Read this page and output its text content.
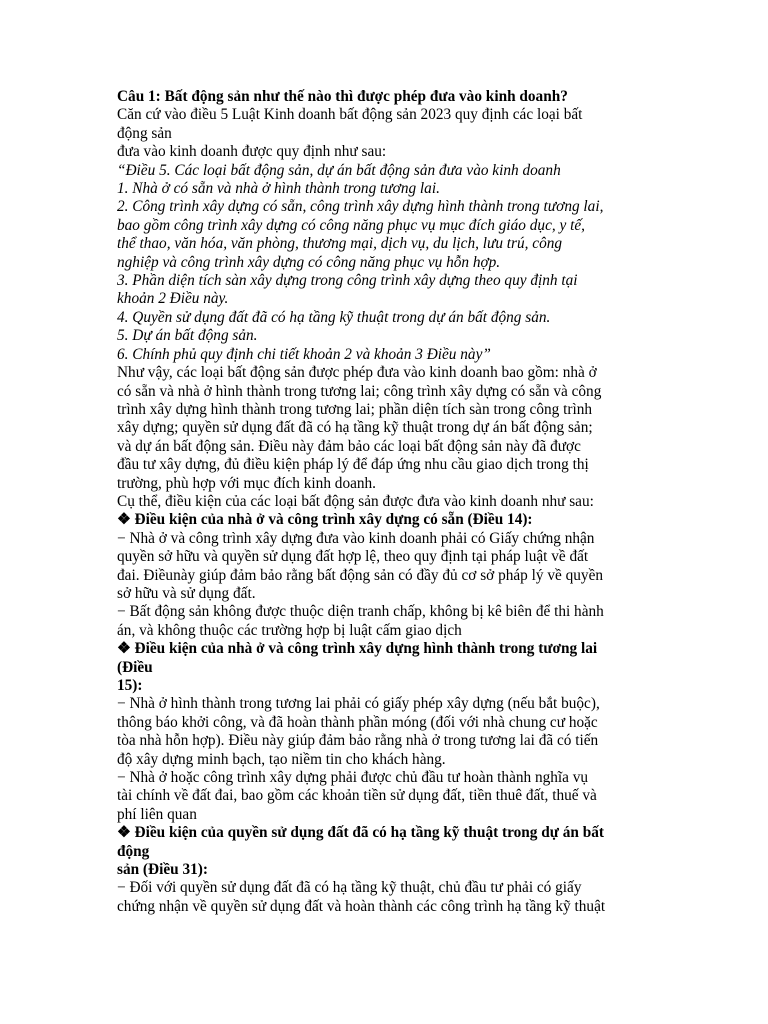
Câu 1: Bất động sản như thế nào thì được phép đưa vào kinh doanh?
Căn cứ vào điều 5 Luật Kinh doanh bất động sản 2023 quy định các loại bất
động sản
đưa vào kinh doanh được quy định như sau:
“Điều 5. Các loại bất động sản, dự án bất động sản đưa vào kinh doanh
1. Nhà ở có sẵn và nhà ở hình thành trong tương lai.
2. Công trình xây dựng có sẵn, công trình xây dựng hình thành trong tương lai,
bao gồm công trình xây dựng có công năng phục vụ mục đích giáo dục, y tế,
thể thao, văn hóa, văn phòng, thương mại, dịch vụ, du lịch, lưu trú, công
nghiệp và công trình xây dựng có công năng phục vụ hỗn hợp.
3. Phần diện tích sàn xây dựng trong công trình xây dựng theo quy định tại
khoản 2 Điều này.
4. Quyền sử dụng đất đã có hạ tầng kỹ thuật trong dự án bất động sản.
5. Dự án bất động sản.
6. Chính phủ quy định chi tiết khoản 2 và khoản 3 Điều này”
Như vậy, các loại bất động sản được phép đưa vào kinh doanh bao gồm: nhà ở
có sẵn và nhà ở hình thành trong tương lai; công trình xây dựng có sẵn và công
trình xây dựng hình thành trong tương lai; phần diện tích sàn trong công trình
xây dựng; quyền sử dụng đất đã có hạ tầng kỹ thuật trong dự án bất động sản;
và dự án bất động sản. Điều này đảm bảo các loại bất động sản này đã được
đầu tư xây dựng, đủ điều kiện pháp lý để đáp ứng nhu cầu giao dịch trong thị
trường, phù hợp với mục đích kinh doanh.
Cụ thể, điều kiện của các loại bất động sản được đưa vào kinh doanh như sau:
❖ Điều kiện của nhà ở và công trình xây dựng có sẵn (Điều 14):
− Nhà ở và công trình xây dựng đưa vào kinh doanh phải có Giấy chứng nhận
quyền sở hữu và quyền sử dụng đất hợp lệ, theo quy định tại pháp luật về đất
đai. Điềunày giúp đảm bảo rằng bất động sản có đầy đủ cơ sở pháp lý về quyền
sở hữu và sử dụng đất.
− Bất động sản không được thuộc diện tranh chấp, không bị kê biên để thi hành
án, và không thuộc các trường hợp bị luật cấm giao dịch
❖ Điều kiện của nhà ở và công trình xây dựng hình thành trong tương lai
(Điều
15):
− Nhà ở hình thành trong tương lai phải có giấy phép xây dựng (nếu bắt buộc),
thông báo khởi công, và đã hoàn thành phần móng (đối với nhà chung cư hoặc
tòa nhà hỗn hợp). Điều này giúp đảm bảo rằng nhà ở trong tương lai đã có tiến
độ xây dựng minh bạch, tạo niềm tin cho khách hàng.
− Nhà ở hoặc công trình xây dựng phải được chủ đầu tư hoàn thành nghĩa vụ
tài chính về đất đai, bao gồm các khoản tiền sử dụng đất, tiền thuê đất, thuế và
phí liên quan
❖ Điều kiện của quyền sử dụng đất đã có hạ tầng kỹ thuật trong dự án bất
động
sản (Điều 31):
− Đối với quyền sử dụng đất đã có hạ tầng kỹ thuật, chủ đầu tư phải có giấy
chứng nhận về quyền sử dụng đất và hoàn thành các công trình hạ tầng kỹ thuật
